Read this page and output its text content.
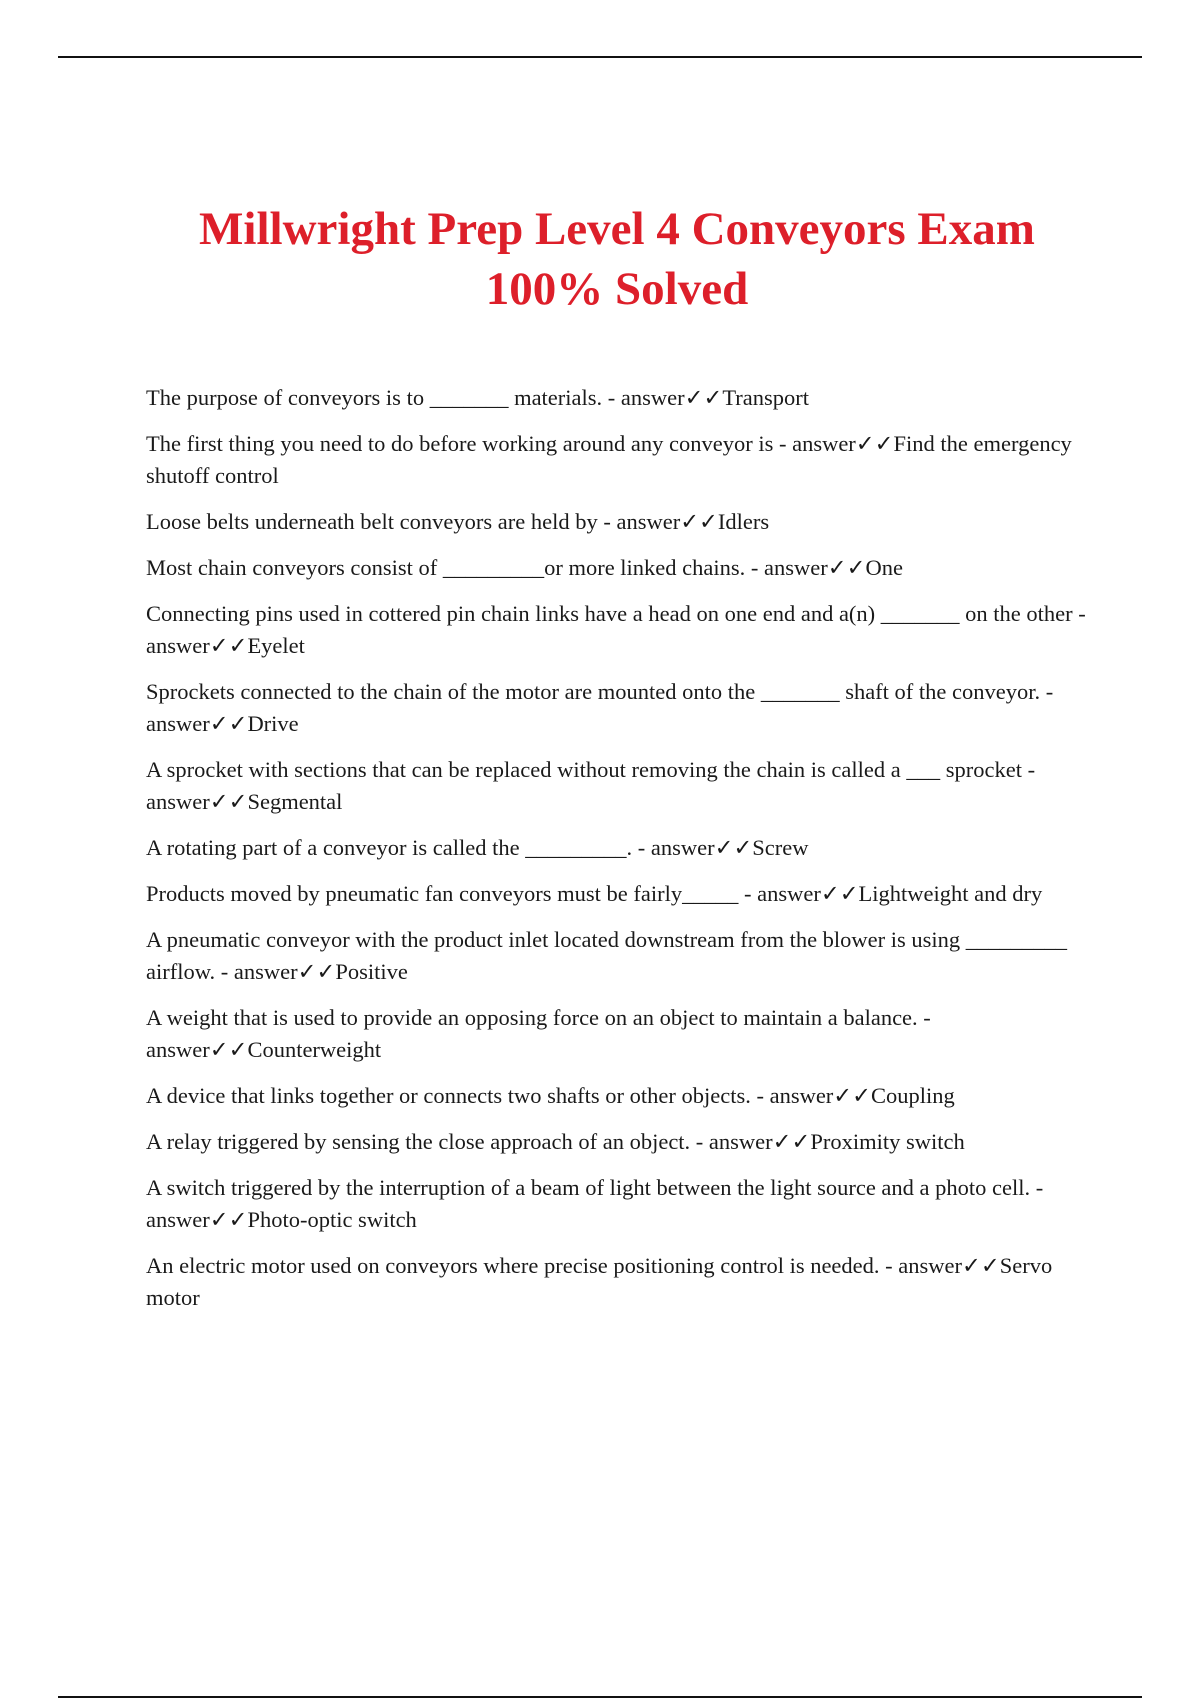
Millwright Prep Level 4 Conveyors Exam
100% Solved
The purpose of conveyors is to _______ materials. - answer✓✓Transport
The first thing you need to do before working around any conveyor is - answer✓✓Find the emergency shutoff control
Loose belts underneath belt conveyors are held by - answer✓✓Idlers
Most chain conveyors consist of _________or more linked chains. - answer✓✓One
Connecting pins used in cottered pin chain links have a head on one end and a(n) _______ on the other - answer✓✓Eyelet
Sprockets connected to the chain of the motor are mounted onto the _______ shaft of the conveyor. - answer✓✓Drive
A sprocket with sections that can be replaced without removing the chain is called a ___ sprocket - answer✓✓Segmental
A rotating part of a conveyor is called the _________. - answer✓✓Screw
Products moved by pneumatic fan conveyors must be fairly_____ - answer✓✓Lightweight and dry
A pneumatic conveyor with the product inlet located downstream from the blower is using _________ airflow. - answer✓✓Positive
A weight that is used to provide an opposing force on an object to maintain a balance. - answer✓✓Counterweight
A device that links together or connects two shafts or other objects. - answer✓✓Coupling
A relay triggered by sensing the close approach of an object. - answer✓✓Proximity switch
A switch triggered by the interruption of a beam of light between the light source and a photo cell. - answer✓✓Photo-optic switch
An electric motor used on conveyors where precise positioning control is needed. - answer✓✓Servo motor
